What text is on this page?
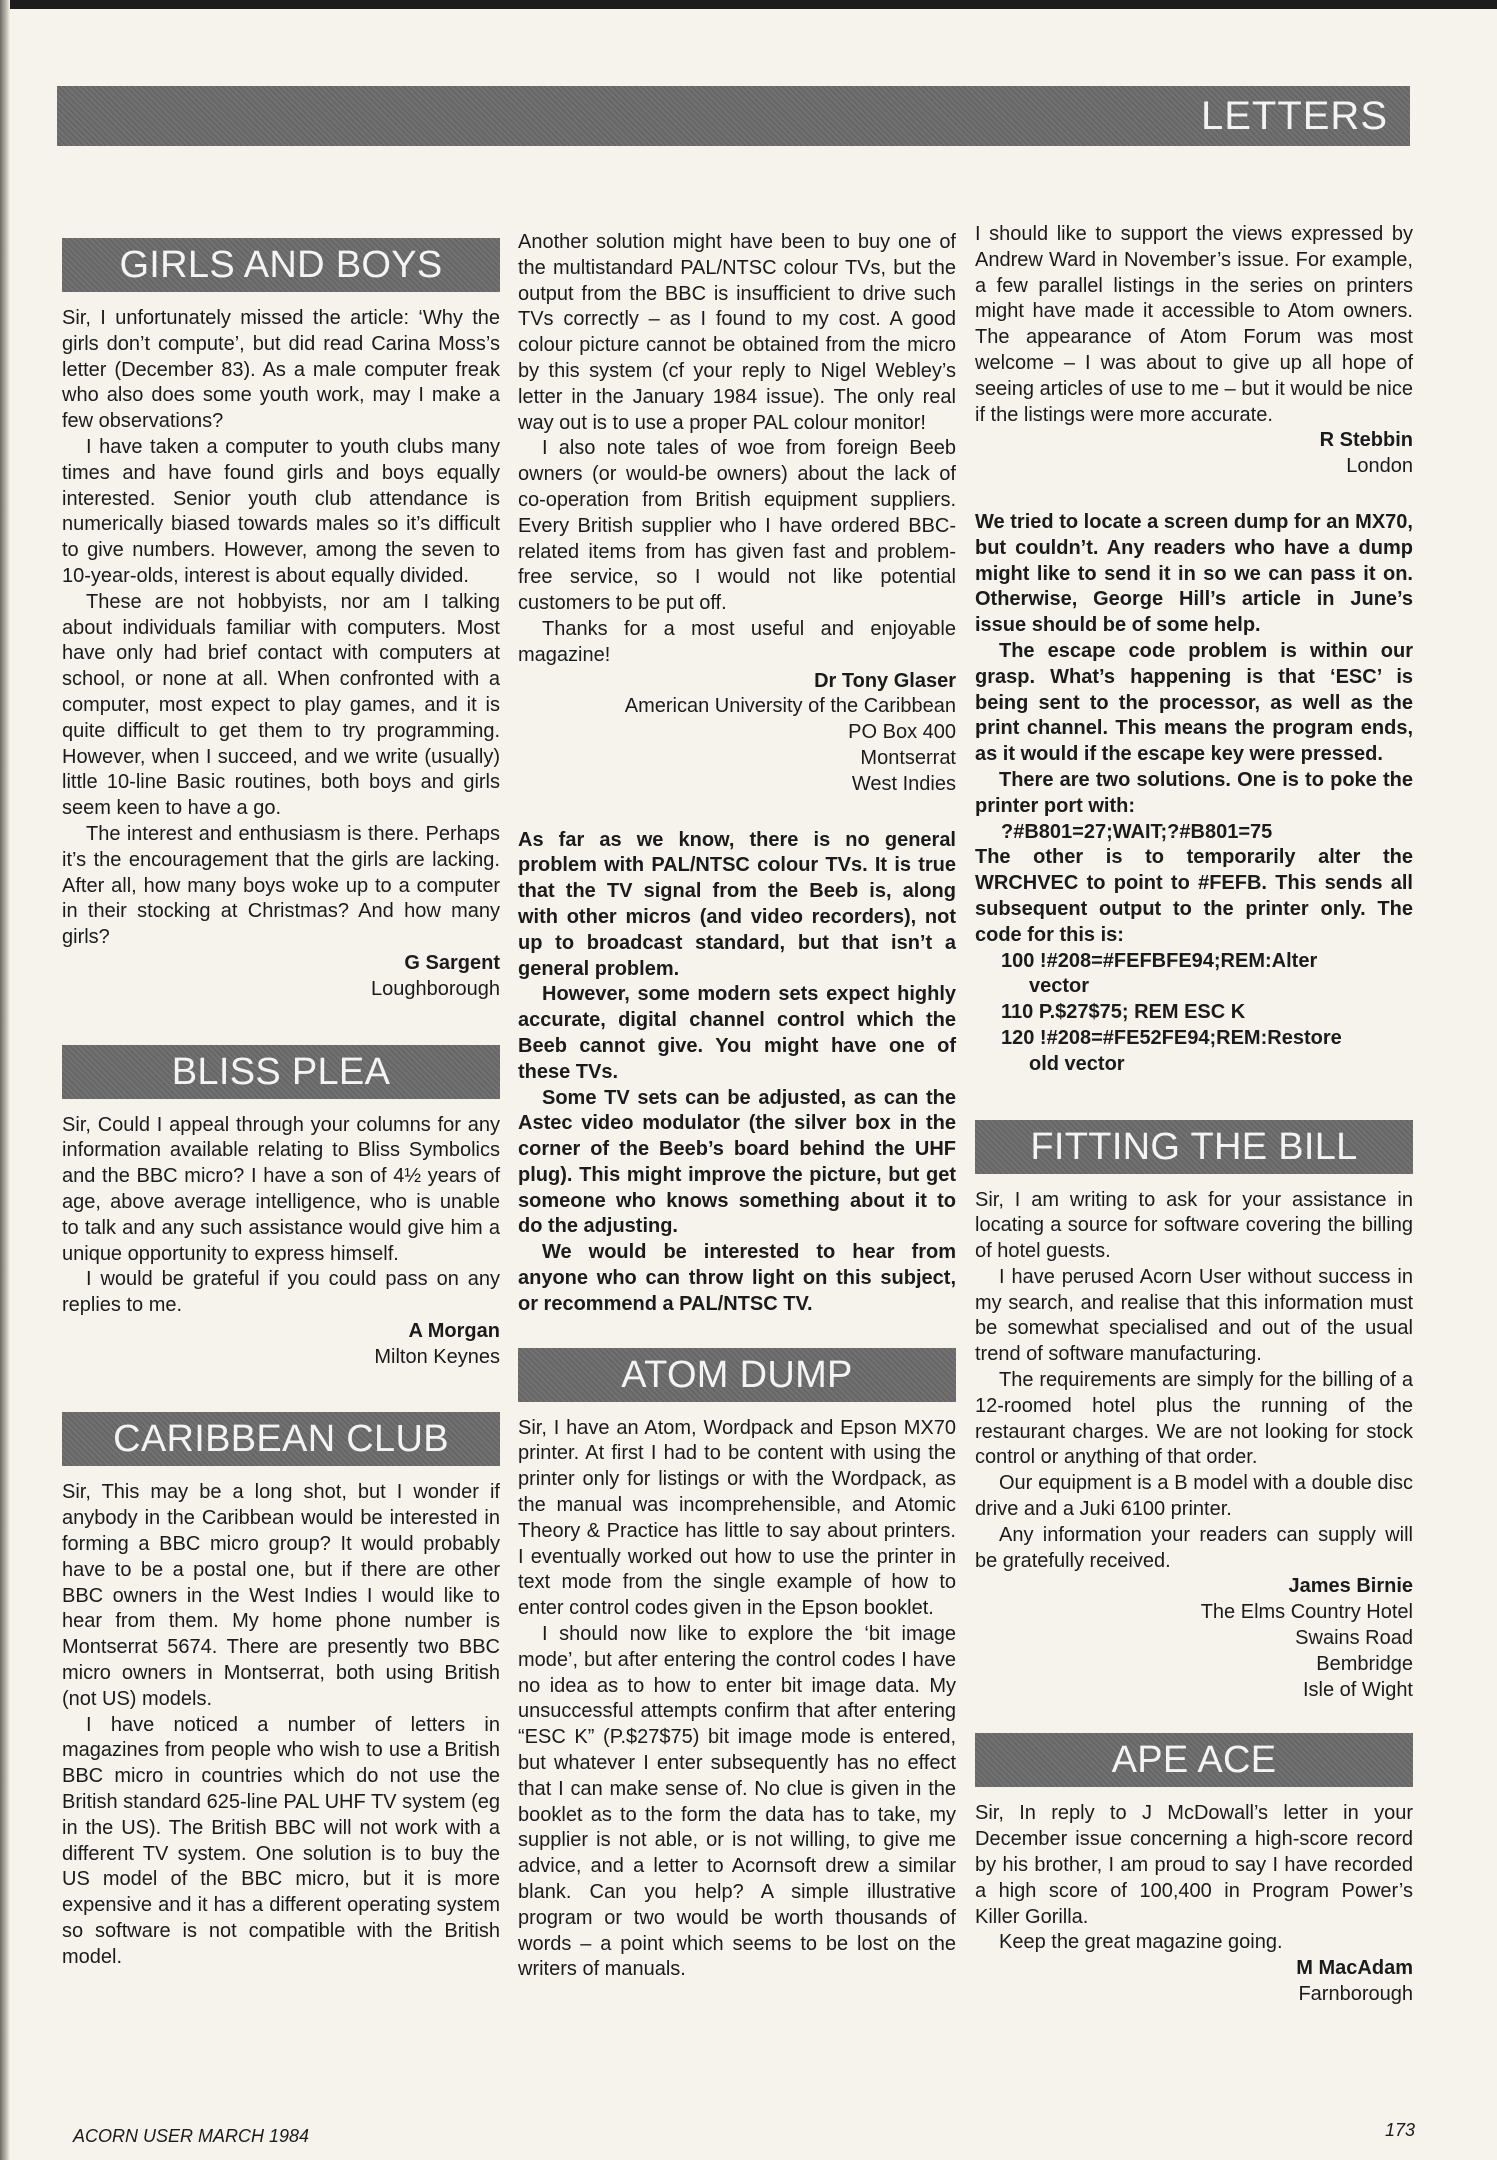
LETTERS
GIRLS AND BOYS

Sir, I unfortunately missed the article: ‘Why the girls don’t compute’, but did read Carina Moss’s letter (December 83). As a male computer freak who also does some youth work, may I make a few observations?

I have taken a computer to youth clubs many times and have found girls and boys equally interested. Senior youth club attendance is numerically biased towards males so it’s difficult to give numbers. However, among the seven to 10-year-olds, interest is about equally divided.

These are not hobbyists, nor am I talking about individuals familiar with computers. Most have only had brief contact with computers at school, or none at all. When confronted with a computer, most expect to play games, and it is quite difficult to get them to try programming. However, when I succeed, and we write (usually) little 10-line Basic routines, both boys and girls seem keen to have a go.

The interest and enthusiasm is there. Perhaps it’s the encouragement that the girls are lacking. After all, how many boys woke up to a computer in their stocking at Christmas? And how many girls?

G Sargent
Loughborough
BLISS PLEA

Sir, Could I appeal through your columns for any information available relating to Bliss Symbolics and the BBC micro? I have a son of 4½ years of age, above average intelligence, who is unable to talk and any such assistance would give him a unique opportunity to express himself.

I would be grateful if you could pass on any replies to me.

A Morgan
Milton Keynes
CARIBBEAN CLUB

Sir, This may be a long shot, but I wonder if anybody in the Caribbean would be interested in forming a BBC micro group? It would probably have to be a postal one, but if there are other BBC owners in the West Indies I would like to hear from them. My home phone number is Montserrat 5674. There are presently two BBC micro owners in Montserrat, both using British (not US) models.

I have noticed a number of letters in magazines from people who wish to use a British BBC micro in countries which do not use the British standard 625-line PAL UHF TV system (eg in the US). The British BBC will not work with a different TV system. One solution is to buy the US model of the BBC micro, but it is more expensive and it has a different operating system so software is not compatible with the British model.

Another solution might have been to buy one of the multistandard PAL/NTSC colour TVs, but the output from the BBC is insufficient to drive such TVs correctly – as I found to my cost. A good colour picture cannot be obtained from the micro by this system (cf your reply to Nigel Webley’s letter in the January 1984 issue). The only real way out is to use a proper PAL colour monitor!

I also note tales of woe from foreign Beeb owners (or would-be owners) about the lack of co-operation from British equipment suppliers. Every British supplier who I have ordered BBC-related items from has given fast and problem-free service, so I would not like potential customers to be put off.

Thanks for a most useful and enjoyable magazine!

Dr Tony Glaser
American University of the Caribbean
PO Box 400
Montserrat
West Indies

As far as we know, there is no general problem with PAL/NTSC colour TVs. It is true that the TV signal from the Beeb is, along with other micros (and video recorders), not up to broadcast standard, but that isn’t a general problem.

However, some modern sets expect highly accurate, digital channel control which the Beeb cannot give. You might have one of these TVs.

Some TV sets can be adjusted, as can the Astec video modulator (the silver box in the corner of the Beeb’s board behind the UHF plug). This might improve the picture, but get someone who knows something about it to do the adjusting.

We would be interested to hear from anyone who can throw light on this subject, or recommend a PAL/NTSC TV.

ATOM DUMP

Sir, I have an Atom, Wordpack and Epson MX70 printer. At first I had to be content with using the printer only for listings or with the Wordpack, as the manual was incomprehensible, and Atomic Theory & Practice has little to say about printers. I eventually worked out how to use the printer in text mode from the single example of how to enter control codes given in the Epson booklet.

I should now like to explore the ‘bit image mode’, but after entering the control codes I have no idea as to how to enter bit image data. My unsuccessful attempts confirm that after entering “ESC K” (P.$27$75) bit image mode is entered, but whatever I enter subsequently has no effect that I can make sense of. No clue is given in the booklet as to the form the data has to take, my supplier is not able, or is not willing, to give me advice, and a letter to Acornsoft drew a similar blank. Can you help? A simple illustrative program or two would be worth thousands of words – a point which seems to be lost on the writers of manuals.

I should like to support the views expressed by Andrew Ward in November’s issue. For example, a few parallel listings in the series on printers might have made it accessible to Atom owners. The appearance of Atom Forum was most welcome – I was about to give up all hope of seeing articles of use to me – but it would be nice if the listings were more accurate.

R Stebbin
London

We tried to locate a screen dump for an MX70, but couldn’t. Any readers who have a dump might like to send it in so we can pass it on. Otherwise, George Hill’s article in June’s issue should be of some help.

The escape code problem is within our grasp. What’s happening is that ‘ESC’ is being sent to the processor, as well as the print channel. This means the program ends, as it would if the escape key were pressed.

There are two solutions. One is to poke the printer port with:

?#B801=27;WAIT;?#B801=75

The other is to temporarily alter the WRCHVEC to point to #FEFB. This sends all subsequent output to the printer only. The code for this is:

100 !#208=#FEFBFE94;REM:Alter
vector
110 P.$27$75; REM ESC K
120 !#208=#FE52FE94;REM:Restore
old vector
FITTING THE BILL

Sir, I am writing to ask for your assistance in locating a source for software covering the billing of hotel guests.

I have perused Acorn User without success in my search, and realise that this information must be somewhat specialised and out of the usual trend of software manufacturing.

The requirements are simply for the billing of a 12-roomed hotel plus the running of the restaurant charges. We are not looking for stock control or anything of that order.

Our equipment is a B model with a double disc drive and a Juki 6100 printer.

Any information your readers can supply will be gratefully received.

James Birnie
The Elms Country Hotel
Swains Road
Bembridge
Isle of Wight
APE ACE

Sir, In reply to J McDowall’s letter in your December issue concerning a high-score record by his brother, I am proud to say I have recorded a high score of 100,400 in Program Power’s Killer Gorilla.

Keep the great magazine going.

M MacAdam
Farnborough
ACORN USER MARCH 1984	173
